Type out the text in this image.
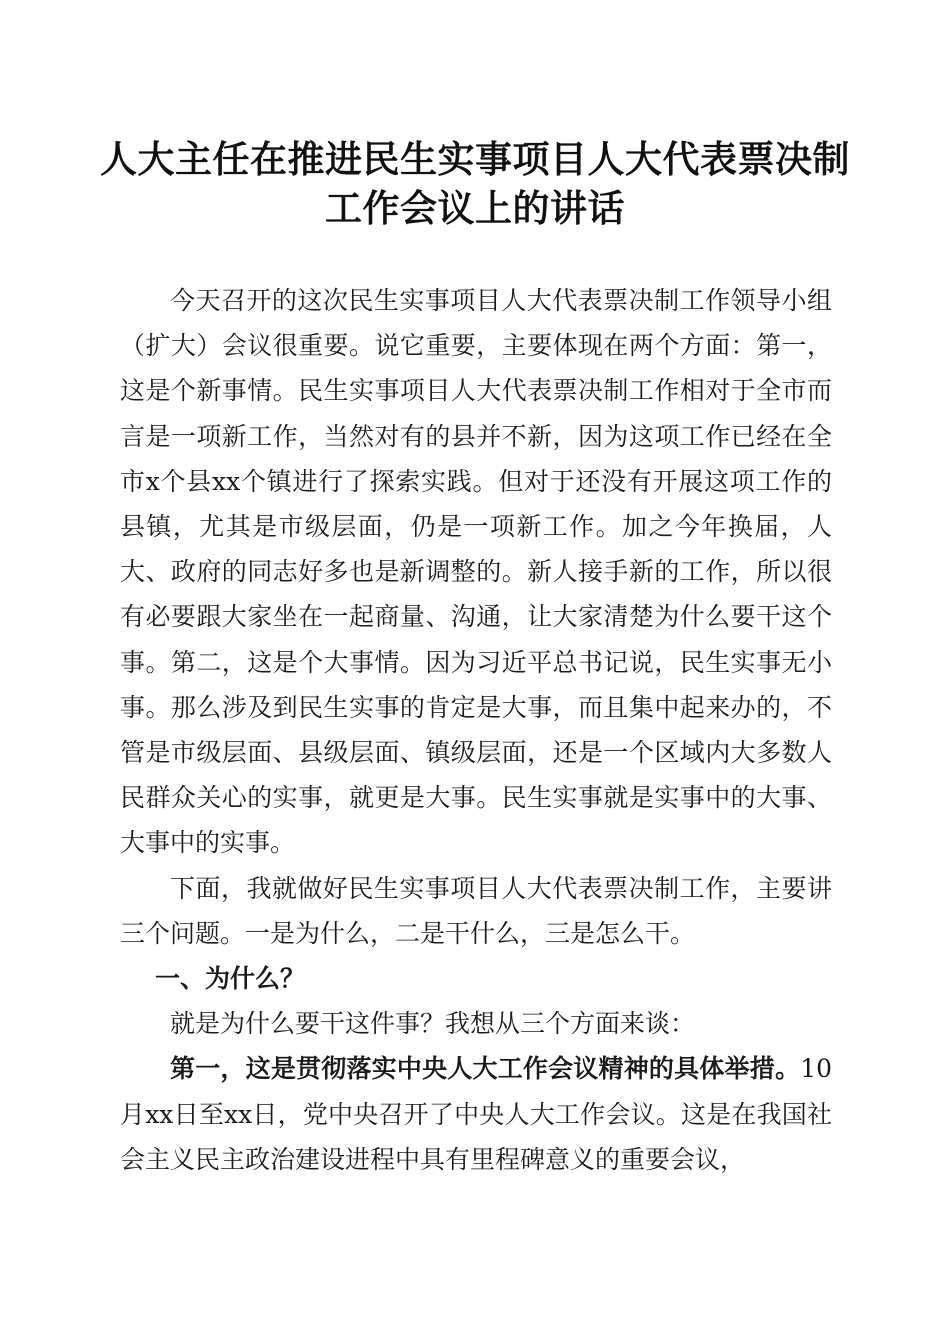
人大主任在推进民生实事项目人大代表票决制
工作会议上的讲话

今天召开的这次民生实事项目人大代表票决制工作领导小组（扩大）会议很重要。说它重要，主要体现在两个方面：第一，这是个新事情。民生实事项目人大代表票决制工作相对于全市而言是一项新工作，当然对有的县并不新，因为这项工作已经在全市x个县xx个镇进行了探索实践。但对于还没有开展这项工作的县镇，尤其是市级层面，仍是一项新工作。加之今年换届，人大、政府的同志好多也是新调整的。新人接手新的工作，所以很有必要跟大家坐在一起商量、沟通，让大家清楚为什么要干这个事。第二，这是个大事情。因为习近平总书记说，民生实事无小事。那么涉及到民生实事的肯定是大事，而且集中起来办的，不管是市级层面、县级层面、镇级层面，还是一个区域内大多数人民群众关心的实事，就更是大事。民生实事就是实事中的大事、大事中的实事。

下面，我就做好民生实事项目人大代表票决制工作，主要讲三个问题。一是为什么，二是干什么，三是怎么干。

一、为什么？

就是为什么要干这件事？我想从三个方面来谈：

第一，这是贯彻落实中央人大工作会议精神的具体举措。10月xx日至xx日，党中央召开了中央人大工作会议。这是在我国社会主义民主政治建设进程中具有里程碑意义的重要会议，
